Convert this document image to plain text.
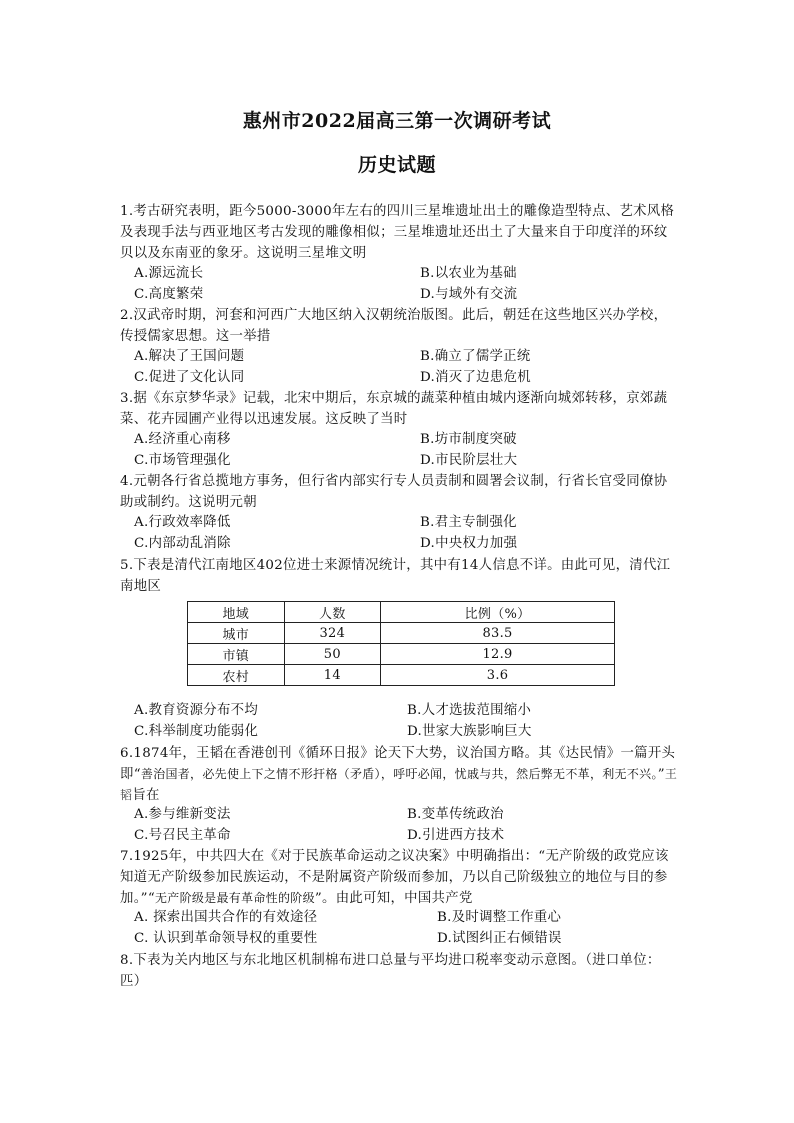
惠州市2022届高三第一次调研考试
历史试题

1.考古研究表明，距今5000-3000年左右的四川三星堆遗址出土的雕像造型特点、艺术风格及表现手法与西亚地区考古发现的雕像相似；三星堆遗址还出土了大量来自于印度洋的环纹贝以及东南亚的象牙。这说明三星堆文明

A.源远流长	B.以农业为基础
C.高度繁荣	D.与域外有交流

2.汉武帝时期，河套和河西广大地区纳入汉朝统治版图。此后，朝廷在这些地区兴办学校，传授儒家思想。这一举措

A.解决了王国问题	B.确立了儒学正统
C.促进了文化认同	D.消灭了边患危机

3.据《东京梦华录》记载，北宋中期后，东京城的蔬菜种植由城内逐渐向城郊转移，京郊蔬菜、花卉园圃产业得以迅速发展。这反映了当时

A.经济重心南移	B.坊市制度突破
C.市场管理强化	D.市民阶层壮大

4.元朝各行省总揽地方事务，但行省内部实行专人员责制和圆署会议制，行省长官受同僚协助或制约。这说明元朝

A.行政效率降低	B.君主专制强化
C.内部动乱消除	D.中央权力加强

5.下表是清代江南地区402位进士来源情况统计，其中有14人信息不详。由此可见，清代江南地区

地域	人数	比例（%）
城市	324	83.5
市镇	50	12.9
农村	14	3.6
A.教育资源分布不均	B.人才选拔范围缩小
C.科举制度功能弱化	D.世家大族影响巨大

6.1874年，王韬在香港创刊《循环日报》论天下大势，议治国方略。其《达民情》一篇开头即“善治国者，必先使上下之情不形扞格（矛盾），呼吁必闻，忧戚与共，然后弊无不革，利无不兴。”王韬旨在

A.参与维新变法	B.变革传统政治
C.号召民主革命	D.引进西方技术

7.1925年，中共四大在《对于民族革命运动之议决案》中明确指出：“无产阶级的政党应该知道无产阶级参加民族运动，不是附属资产阶级而参加，乃以自己阶级独立的地位与目的参加。”“无产阶级是最有革命性的阶级”。由此可知，中国共产党

A. 探索出国共合作的有效途径	B.及时调整工作重心
C. 认识到革命领导权的重要性	D.试图纠正右倾错误

8.下表为关内地区与东北地区机制棉布进口总量与平均进口税率变动示意图。（进口单位：匹）
